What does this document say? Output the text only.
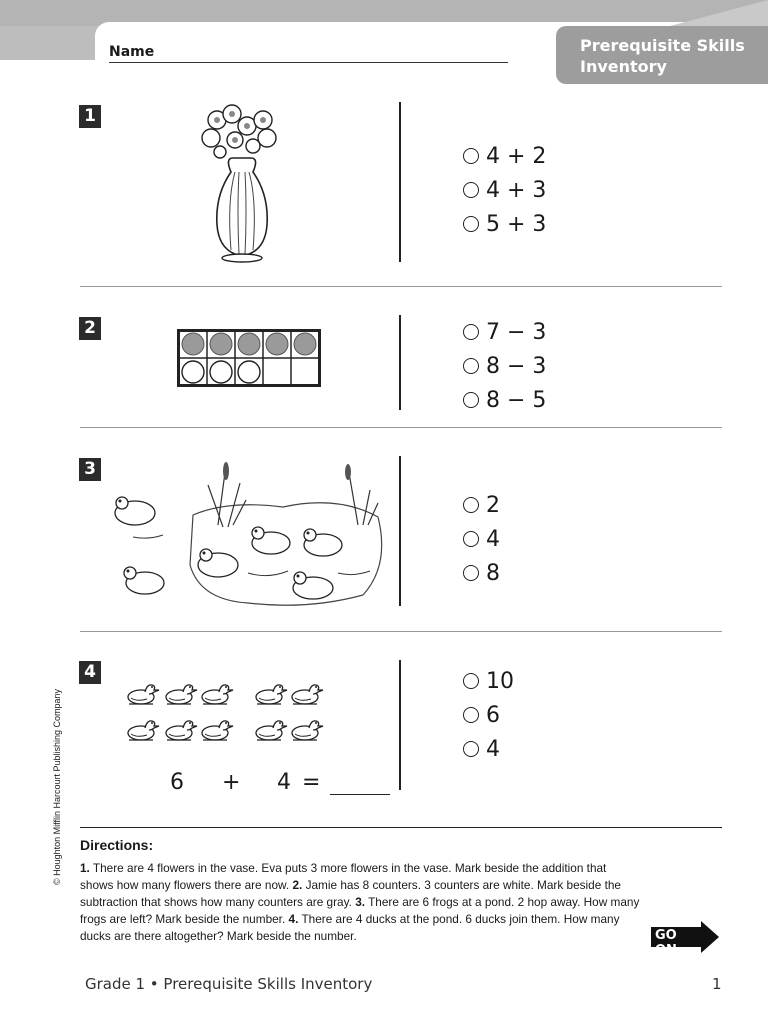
Name	Prerequisite Skills
Inventory
1
4 + 2
4 + 3
5 + 3
2	7 − 3
8 − 3
8 − 5
3
2
4
8
4
6 + 4 =
10
6
4
Directions:
1. There are 4 flowers in the vase. Eva puts 3 more flowers in the vase. Mark beside the addition that shows how many flowers there are now. 2. Jamie has 8 counters. 3 counters are white. Mark beside the subtraction that shows how many counters are gray. 3. There are 6 frogs at a pond. 2 hop away. How many frogs are left? Mark beside the number. 4. There are 4 ducks at the pond. 6 ducks join them. How many ducks are there altogether? Mark beside the number.	GO ON
© Houghton Mifflin Harcourt Publishing Company
Grade 1 • Prerequisite Skills Inventory	1
